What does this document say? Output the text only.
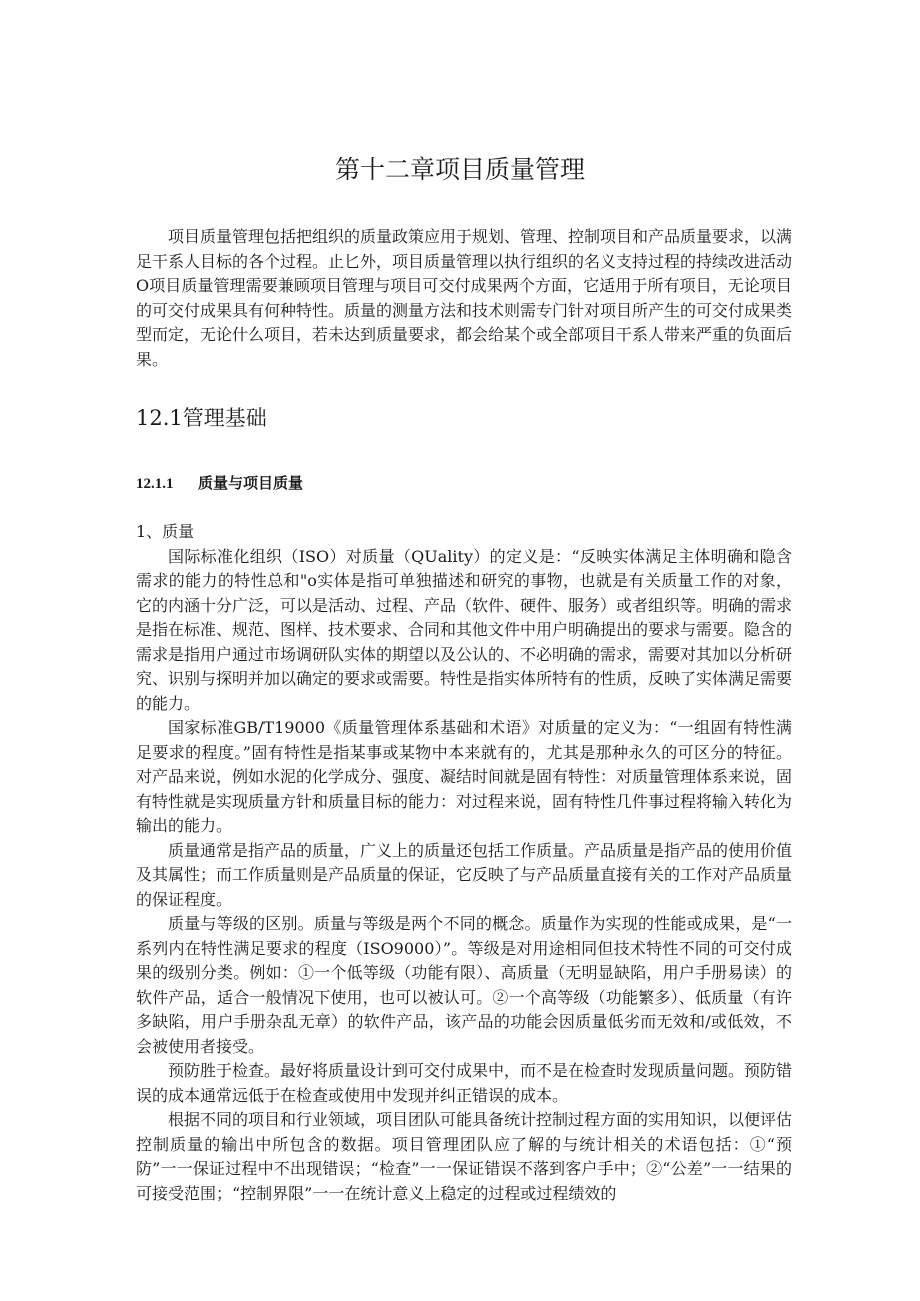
第十二章项目质量管理

项目质量管理包括把组织的质量政策应用于规划、管理、控制项目和产品质量要求，以满足干系人目标的各个过程。止匕外，项目质量管理以执行组织的名义支持过程的持续改进活动O项目质量管理需要兼顾项目管理与项目可交付成果两个方面，它适用于所有项目，无论项目的可交付成果具有何种特性。质量的测量方法和技术则需专门针对项目所产生的可交付成果类型而定，无论什么项目，若未达到质量要求，都会给某个或全部项目干系人带来严重的负面后果。

12.1管理基础
12.1.1 质量与项目质量

1、质量

国际标准化组织（ISO）对质量（QUality）的定义是：“反映实体满足主体明确和隐含需求的能力的特性总和"o实体是指可单独描述和研究的事物，也就是有关质量工作的对象，它的内涵十分广泛，可以是活动、过程、产品（软件、硬件、服务）或者组织等。明确的需求是指在标准、规范、图样、技术要求、合同和其他文件中用户明确提出的要求与需要。隐含的需求是指用户通过市场调研队实体的期望以及公认的、不必明确的需求，需要对其加以分析研究、识别与探明并加以确定的要求或需要。特性是指实体所特有的性质，反映了实体满足需要的能力。

国家标准GB/T19000《质量管理体系基础和术语》对质量的定义为：“一组固有特性满足要求的程度。”固有特性是指某事或某物中本来就有的，尤其是那种永久的可区分的特征。对产品来说，例如水泥的化学成分、强度、凝结时间就是固有特性：对质量管理体系来说，固有特性就是实现质量方针和质量目标的能力：对过程来说，固有特性几件事过程将输入转化为输出的能力。

质量通常是指产品的质量，广义上的质量还包括工作质量。产品质量是指产品的使用价值及其属性；而工作质量则是产品质量的保证，它反映了与产品质量直接有关的工作对产品质量的保证程度。

质量与等级的区别。质量与等级是两个不同的概念。质量作为实现的性能或成果，是“一系列内在特性满足要求的程度（ISO9000）”。等级是对用途相同但技术特性不同的可交付成果的级别分类。例如：①一个低等级（功能有限）、高质量（无明显缺陷，用户手册易读）的软件产品，适合一般情况下使用，也可以被认可。②一个高等级（功能繁多）、低质量（有许多缺陷，用户手册杂乱无章）的软件产品，该产品的功能会因质量低劣而无效和/或低效，不会被使用者接受。

预防胜于检查。最好将质量设计到可交付成果中，而不是在检查时发现质量问题。预防错误的成本通常远低于在检查或使用中发现并纠正错误的成本。

根据不同的项目和行业领域，项目团队可能具备统计控制过程方面的实用知识，以便评估控制质量的输出中所包含的数据。项目管理团队应了解的与统计相关的术语包括：①“预防”一一保证过程中不出现错误；“检查”一一保证错误不落到客户手中；②“公差”一一结果的可接受范围；“控制界限”一一在统计意义上稳定的过程或过程绩效的
